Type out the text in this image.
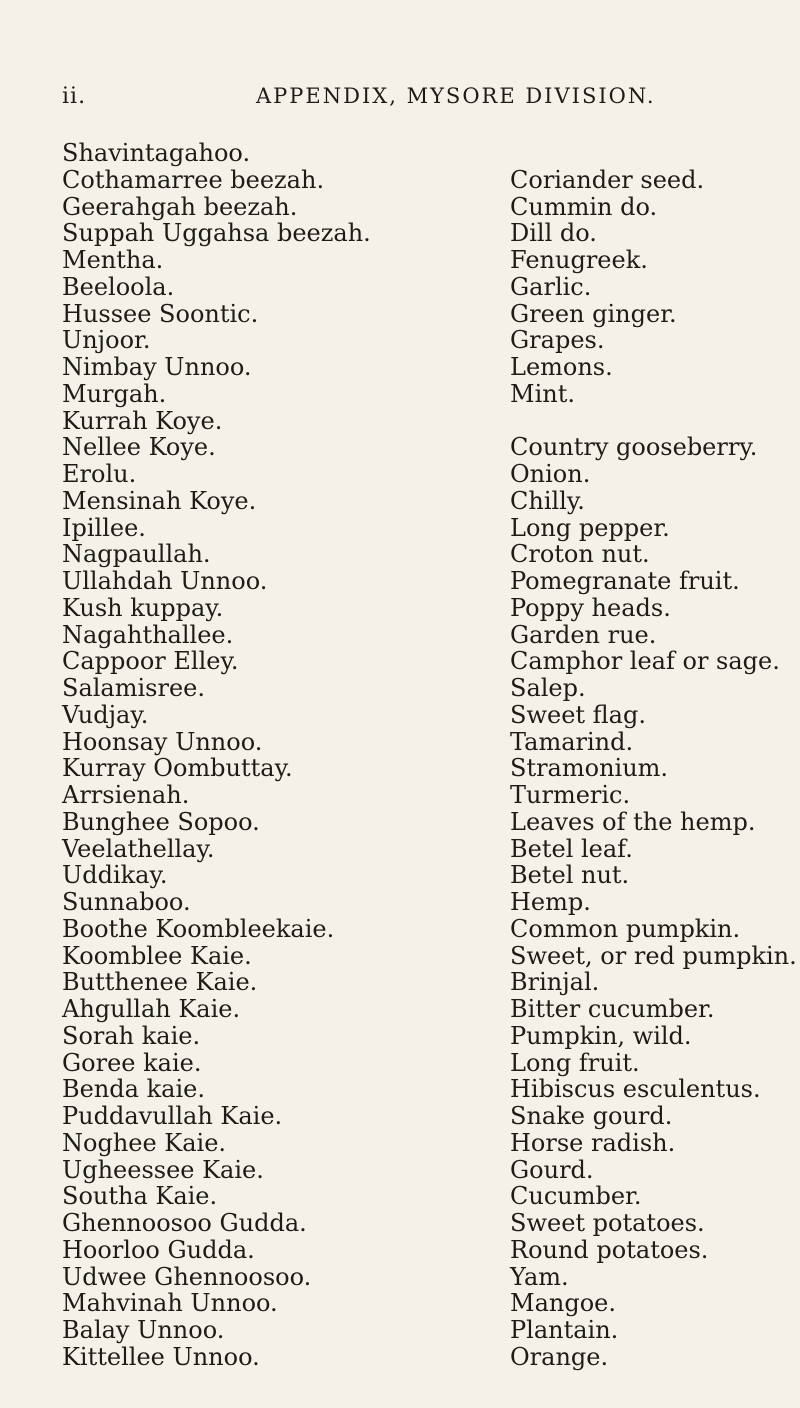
ii.	APPENDIX, MYSORE DIVISION.
Shavintagahoo.
Cothamarree beezah.	Coriander seed.
Geerahgah beezah.	Cummin do.
Suppah Uggahsa beezah.	Dill do.
Mentha.	Fenugreek.
Beeloola.	Garlic.
Hussee Soontic.	Green ginger.
Unjoor.	Grapes.
Nimbay Unnoo.	Lemons.
Murgah.	Mint.
Kurrah Koye.
Nellee Koye.	Country gooseberry.
Erolu.	Onion.
Mensinah Koye.	Chilly.
Ipillee.	Long pepper.
Nagpaullah.	Croton nut.
Ullahdah Unnoo.	Pomegranate fruit.
Kush kuppay.	Poppy heads.
Nagahthallee.	Garden rue.
Cappoor Elley.	Camphor leaf or sage.
Salamisree.	Salep.
Vudjay.	Sweet flag.
Hoonsay Unnoo.	Tamarind.
Kurray Oombuttay.	Stramonium.
Arrsienah.	Turmeric.
Bunghee Sopoo.	Leaves of the hemp.
Veelathellay.	Betel leaf.
Uddikay.	Betel nut.
Sunnaboo.	Hemp.
Boothe Koombleekaie.	Common pumpkin.
Koomblee Kaie.	Sweet, or red pumpkin.
Butthenee Kaie.	Brinjal.
Ahgullah Kaie.	Bitter cucumber.
Sorah kaie.	Pumpkin, wild.
Goree kaie.	Long fruit.
Benda kaie.	Hibiscus esculentus.
Puddavullah Kaie.	Snake gourd.
Noghee Kaie.	Horse radish.
Ugheessee Kaie.	Gourd.
Southa Kaie.	Cucumber.
Ghennoosoo Gudda.	Sweet potatoes.
Hoorloo Gudda.	Round potatoes.
Udwee Ghennoosoo.	Yam.
Mahvinah Unnoo.	Mangoe.
Balay Unnoo.	Plantain.
Kittellee Unnoo.	Orange.
